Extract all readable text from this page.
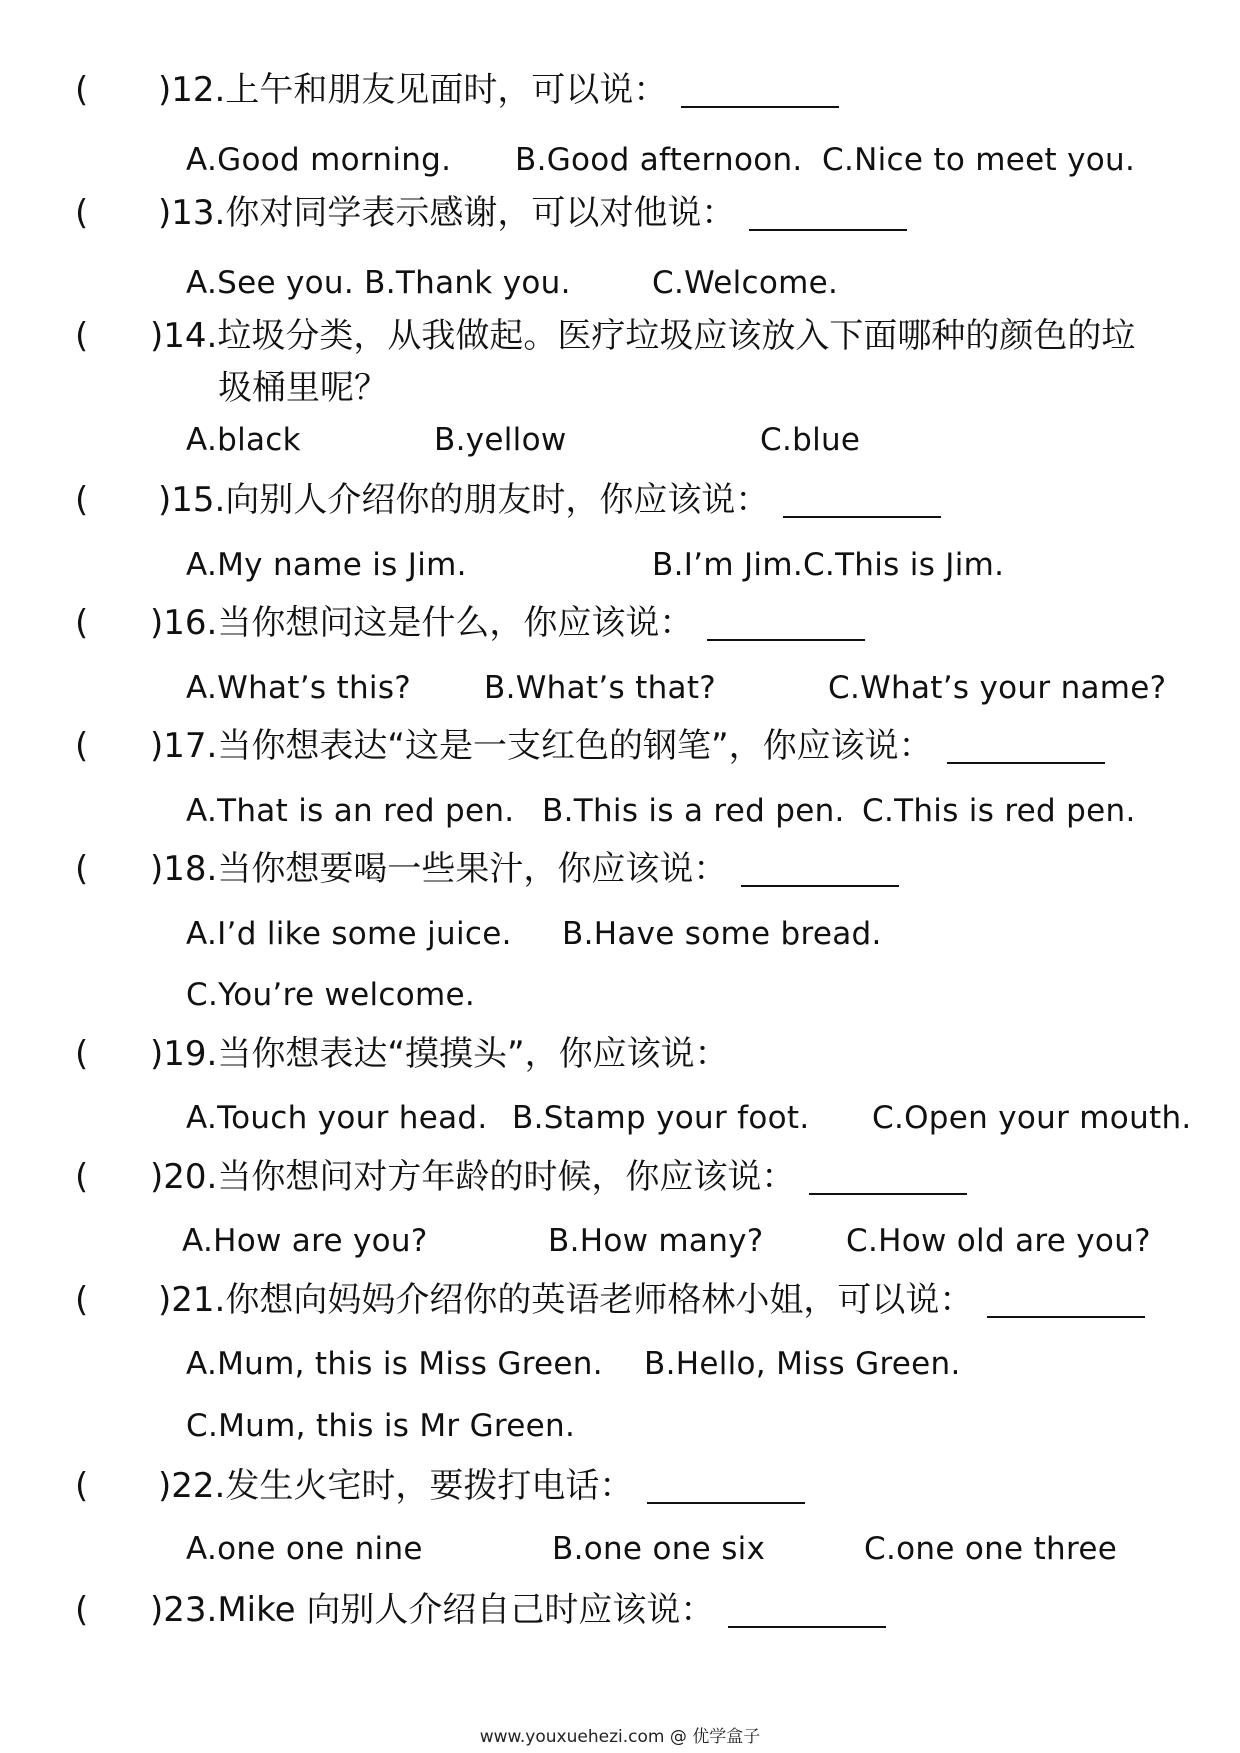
( )12.上午和朋友见面时，可以说：
A.Good morning. B.Good afternoon. C.Nice to meet you.
( )13.你对同学表示感谢，可以对他说：
A.See you. B.Thank you.	C.Welcome.
( )14.垃圾分类，从我做起。医疗垃圾应该放入下面哪种的颜色的垃
圾桶里呢？
A.black	B.yellow	C.blue
( )15.向别人介绍你的朋友时，你应该说：
A.My name is Jim.	B.I’m Jim.C.This is Jim.
( )16.当你想问这是什么，你应该说：
A.What’s this? B.What’s that?	C.What’s your name?
( )17.当你想表达“这是一支红色的钢笔”，你应该说：
A.That is an red pen. B.This is a red pen. C.This is red pen.
( )18.当你想要喝一些果汁，你应该说：
A.I’d like some juice. B.Have some bread.
C.You’re welcome.
( )19.当你想表达“摸摸头”，你应该说：
A.Touch your head. B.Stamp your foot. C.Open your mouth.
( )20.当你想问对方年龄的时候，你应该说：
A.How are you?	B.How many?	C.How old are you?
( )21.你想向妈妈介绍你的英语老师格林小姐，可以说：
A.Mum, this is Miss Green. B.Hello, Miss Green.
C.Mum, this is Mr Green.
( )22.发生火宅时，要拨打电话：
A.one one nine	B.one one six	C.one one three
( )23.Mike 向别人介绍自己时应该说：
www.youxuehezi.com @ 优学盒子
